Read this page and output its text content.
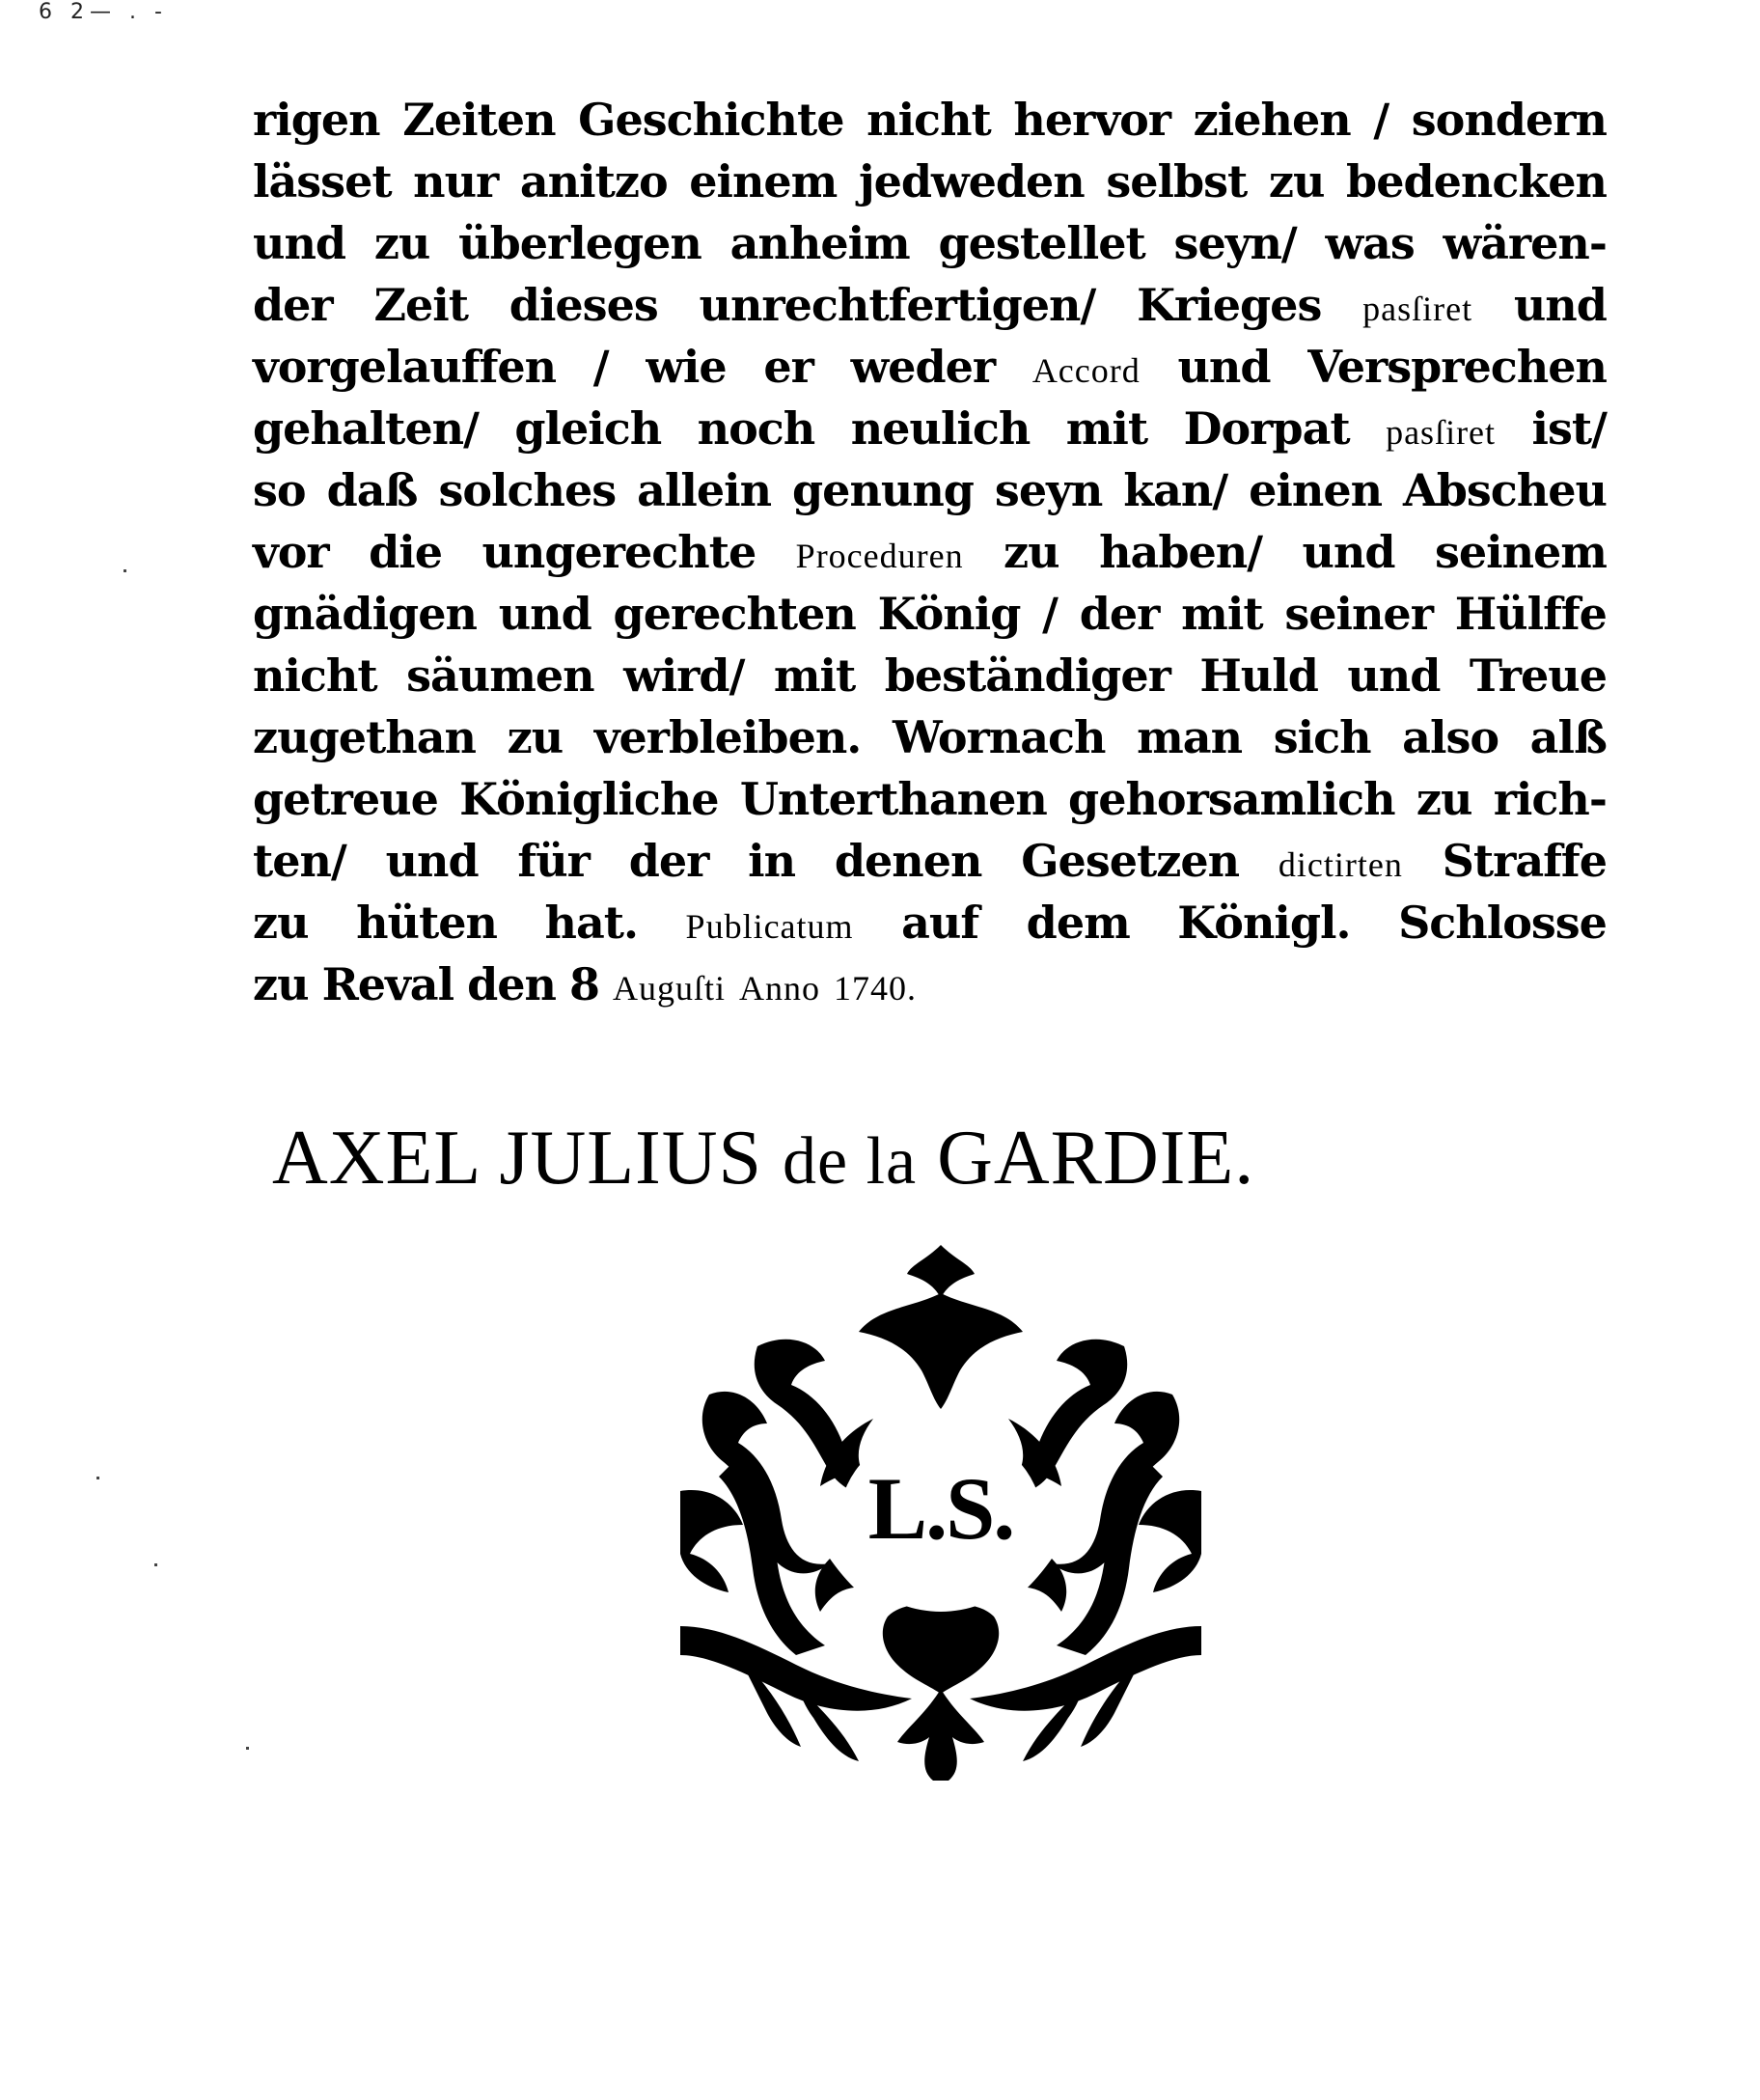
6 2— . -
rigen Zeiten Geschichte nicht hervor ziehen / sondern
lässet nur anitzo einem jedweden selbst zu bedencken
und zu überlegen anheim gestellet seyn/ was wären-
der Zeit dieses unrechtfertigen/ Krieges pasſiret und
vorgelauffen / wie er weder Accord und Versprechen
gehalten/ gleich noch neulich mit Dorpat pasſiret ist/
so daß solches allein genung seyn kan/ einen Abscheu
vor die ungerechte Proceduren zu haben/ und seinem
gnädigen und gerechten König / der mit seiner Hülffe
nicht säumen wird/ mit beständiger Huld und Treue
zugethan zu verbleiben. Wornach man sich also alß
getreue Königliche Unterthanen gehorsamlich zu rich-
ten/ und für der in denen Gesetzen dictirten Straffe
zu hüten hat. Publicatum auf dem Königl. Schlosse
zu Reval den 8 Auguſti Anno 1740.
AXEL JULIUS de la GARDIE.
L.S.
